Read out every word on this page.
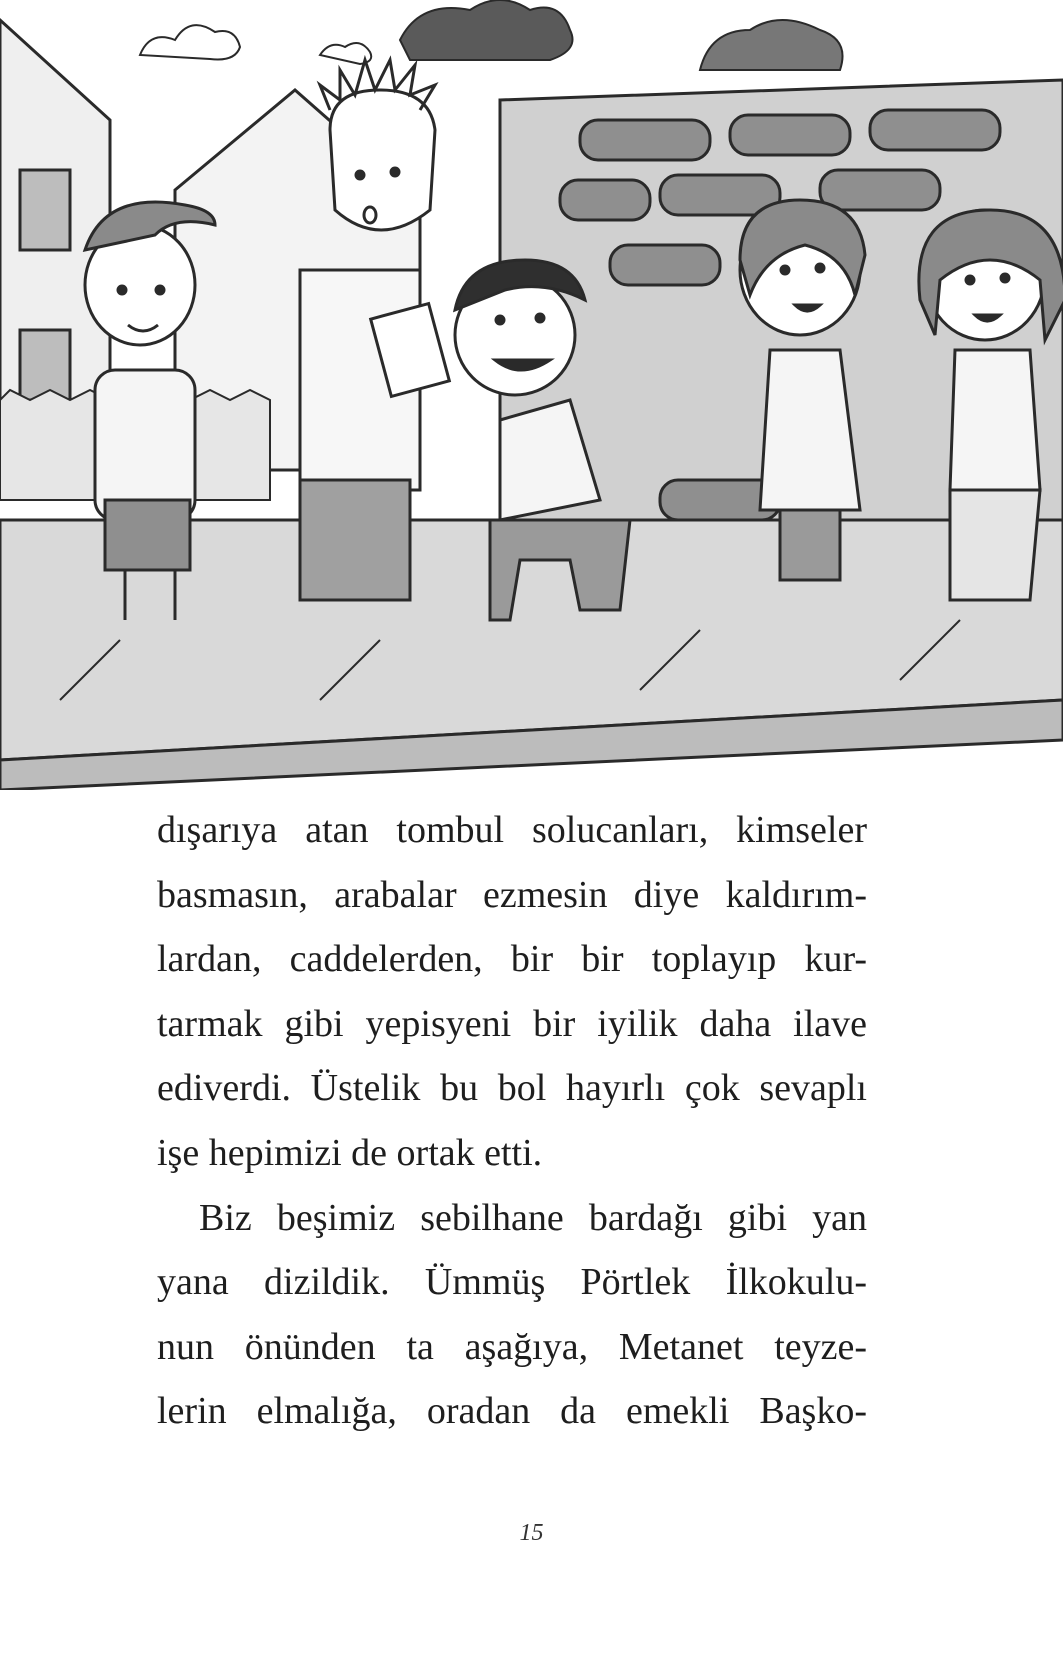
dışarıya atan tombul solucanları, kimseler
basmasın, arabalar ezmesin diye kaldırım-
lardan, caddelerden, bir bir toplayıp kur-
tarmak gibi yepisyeni bir iyilik daha ilave
ediverdi. Üstelik bu bol hayırlı çok sevaplı
işe hepimizi de ortak etti.
Biz beşimiz sebilhane bardağı gibi yan
yana dizildik. Ümmüş Pörtlek İlkokulu-
nun önünden ta aşağıya, Metanet teyze-
lerin elmalığa, oradan da emekli Başko-
15
